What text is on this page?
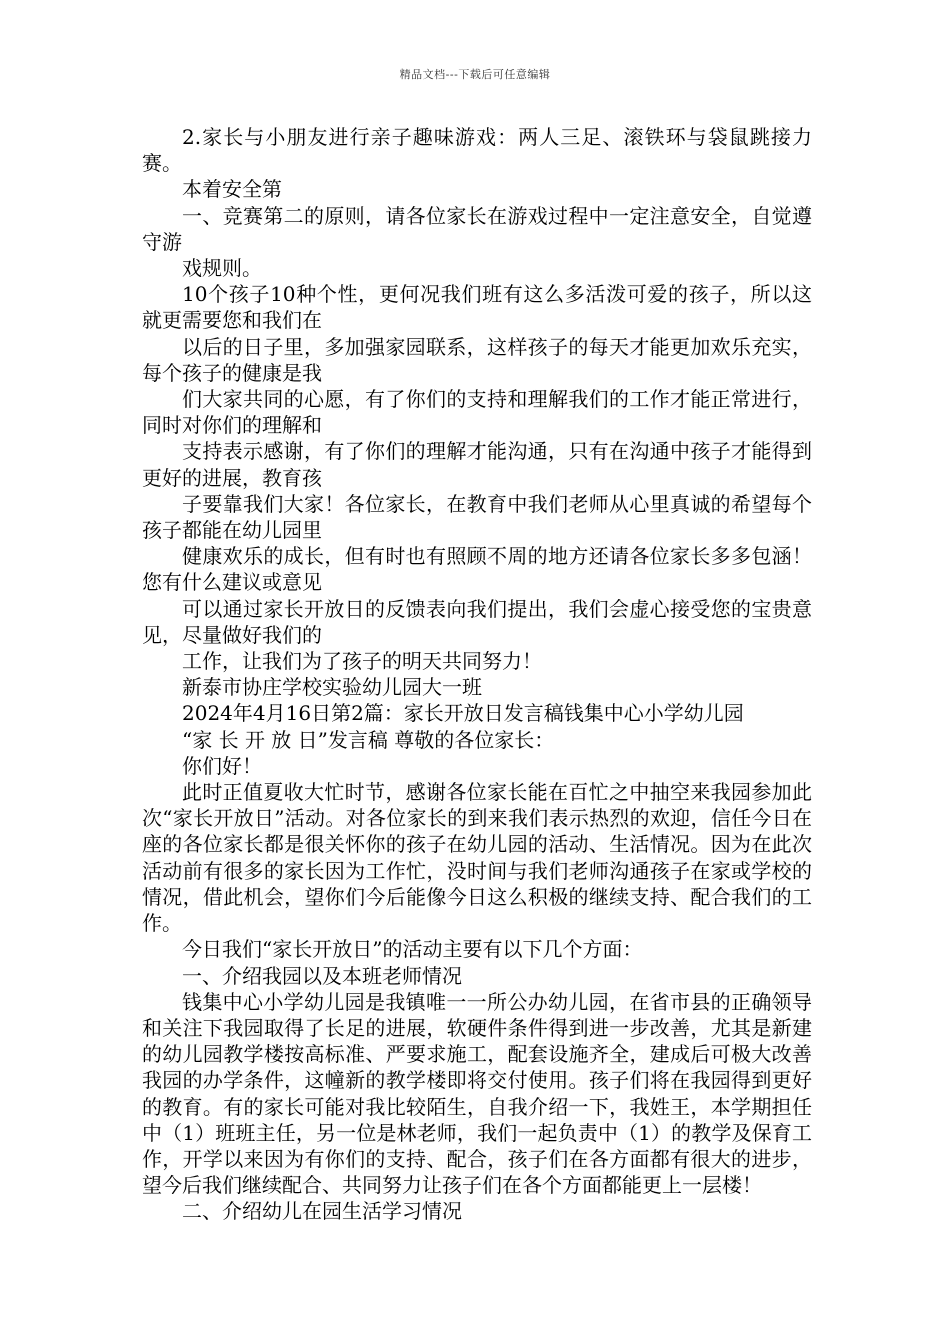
精品文档---下载后可任意编辑

2.家长与小朋友进行亲子趣味游戏：两人三足、滚铁环与袋鼠跳接力赛。

本着安全第

一、竞赛第二的原则，请各位家长在游戏过程中一定注意安全，自觉遵守游

戏规则。

10个孩子10种个性，更何况我们班有这么多活泼可爱的孩子，所以这就更需要您和我们在

以后的日子里，多加强家园联系，这样孩子的每天才能更加欢乐充实，每个孩子的健康是我

们大家共同的心愿，有了你们的支持和理解我们的工作才能正常进行，同时对你们的理解和

支持表示感谢，有了你们的理解才能沟通，只有在沟通中孩子才能得到更好的进展，教育孩

子要靠我们大家！各位家长，在教育中我们老师从心里真诚的希望每个孩子都能在幼儿园里

健康欢乐的成长，但有时也有照顾不周的地方还请各位家长多多包涵！您有什么建议或意见

可以通过家长开放日的反馈表向我们提出，我们会虚心接受您的宝贵意见，尽量做好我们的

工作，让我们为了孩子的明天共同努力！

新泰市协庄学校实验幼儿园大一班

2024年4月16日第2篇：家长开放日发言稿钱集中心小学幼儿园

“家 长 开 放 日”发言稿 尊敬的各位家长：

你们好！

此时正值夏收大忙时节，感谢各位家长能在百忙之中抽空来我园参加此次“家长开放日”活动。对各位家长的到来我们表示热烈的欢迎，信任今日在座的各位家长都是很关怀你的孩子在幼儿园的活动、生活情况。因为在此次活动前有很多的家长因为工作忙，没时间与我们老师沟通孩子在家或学校的情况，借此机会，望你们今后能像今日这么积极的继续支持、配合我们的工作。

今日我们“家长开放日”的活动主要有以下几个方面：

一、介绍我园以及本班老师情况

钱集中心小学幼儿园是我镇唯一一所公办幼儿园，在省市县的正确领导和关注下我园取得了长足的进展，软硬件条件得到进一步改善，尤其是新建的幼儿园教学楼按高标准、严要求施工，配套设施齐全，建成后可极大改善我园的办学条件，这幢新的教学楼即将交付使用。孩子们将在我园得到更好的教育。有的家长可能对我比较陌生，自我介绍一下，我姓王，本学期担任中（1）班班主任，另一位是林老师，我们一起负责中（1）的教学及保育工作，开学以来因为有你们的支持、配合，孩子们在各方面都有很大的进步，望今后我们继续配合、共同努力让孩子们在各个方面都能更上一层楼！

二、介绍幼儿在园生活学习情况
